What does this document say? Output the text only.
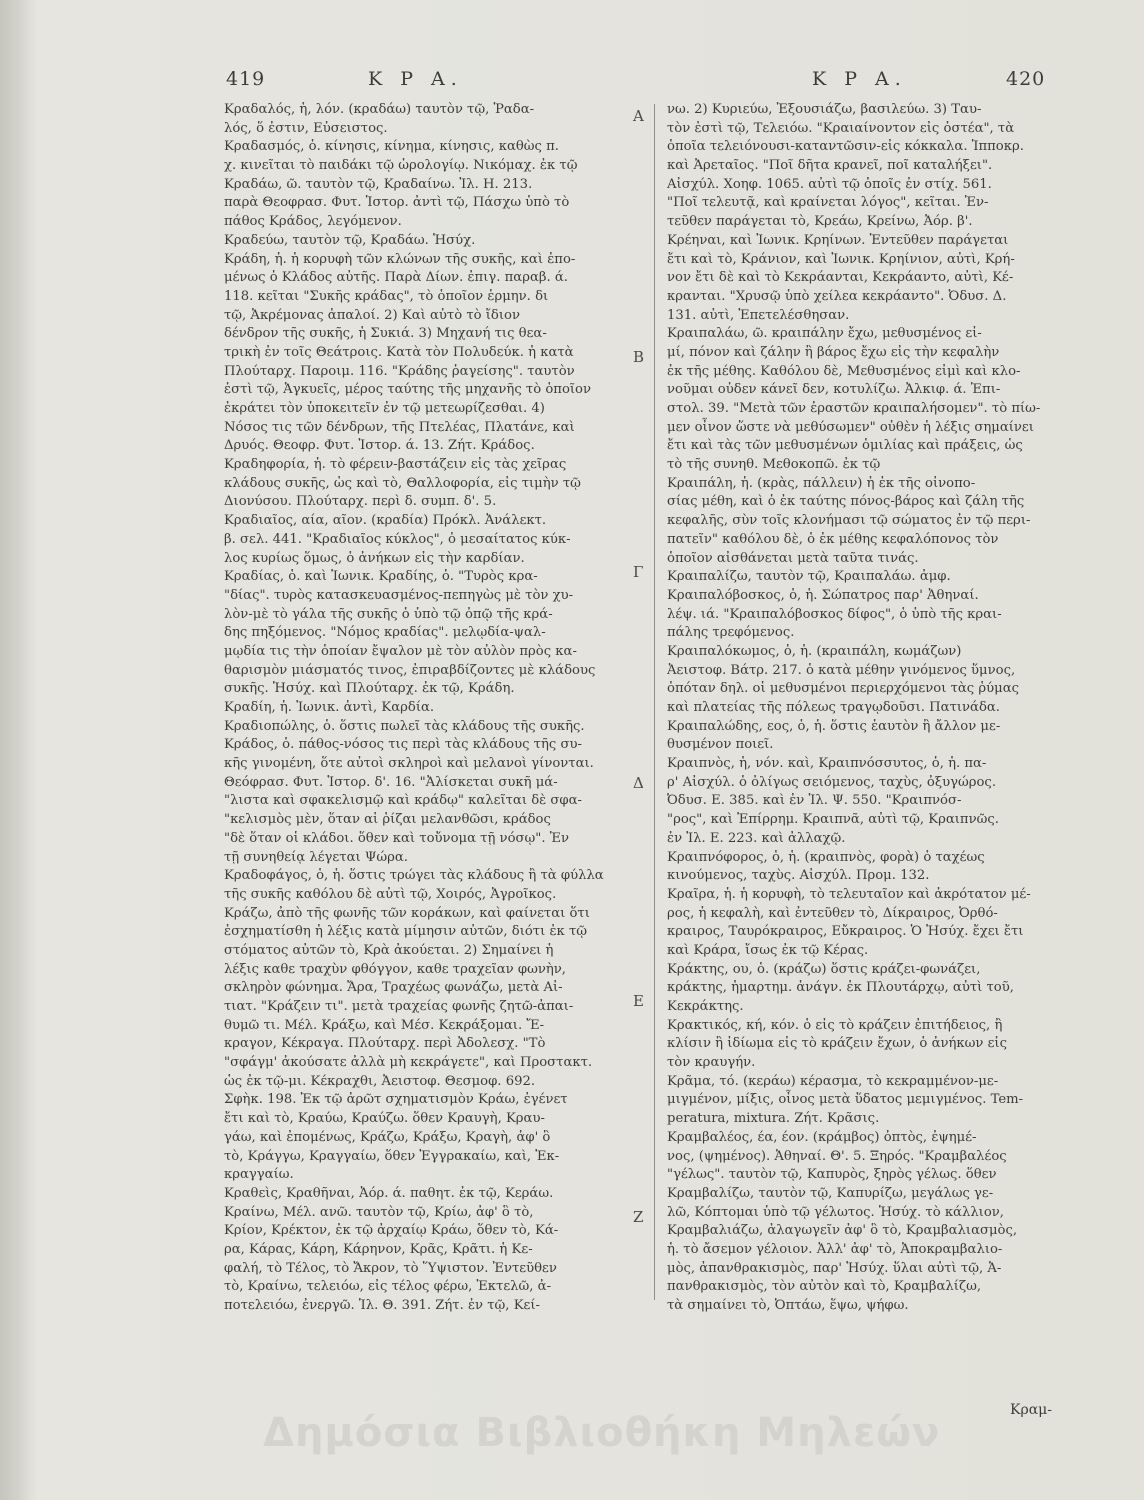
419	Κ Ρ Α.	Κ Ρ Α.	420
Κραδαλός, ἡ, λόν. (κραδάω) ταυτὸν τῷ, Ῥαδα-
λός, ὅ ἐστιν, Εὐσειστος.
Κραδασμός, ὁ. κίνησις, κίνημα, κίνησις, καθὼς π.
χ. κινεῖται τὸ παιδάκι τῷ ὡρολογίῳ. Νικόμαχ. ἐκ τῷ
Κραδάω, ῶ. ταυτὸν τῷ, Κραδαίνω. Ἰλ. Η. 213.
παρὰ Θεοφρασ. Φυτ. Ἱστορ. ἀντὶ τῷ, Πάσχω ὑπὸ τὸ
πάθος Κράδος, λεγόμενον.
Κραδεύω, ταυτὸν τῷ, Κραδάω. Ἡσύχ.
Κράδη, ἡ. ἡ κορυφὴ τῶν κλώνων τῆς συκῆς, καὶ ἐπο-
μένως ὁ Κλάδος αὐτῆς. Παρὰ Δίων. ἐπιγ. παραβ. ά.
118. κεῖται "Συκῆς κράδας", τὸ ὁποῖον ἑρμην. δι
τῷ, Ἀκρέμονας ἁπαλοί. 2) Καὶ αὐτὸ τὸ ἴδιον
δένδρον τῆς συκῆς, ἡ Συκιά. 3) Μηχανή τις θεα-
τρικὴ ἐν τοῖς Θεάτροις. Κατὰ τὸν Πολυδεύκ. ἡ κατὰ
Πλούταρχ. Παροιμ. 116. "Κράδης ῥαγείσης". ταυτὸν
ἐστὶ τῷ, Ἀγκυεῖς, μέρος ταύτης τῆς μηχανῆς τὸ ὁποῖον
ἐκράτει τὸν ὑποκειτεῖν ἐν τῷ μετεωρίζεσθαι. 4)
Νόσος τις τῶν δένδρων, τῆς Πτελέας, Πλατάνε, καὶ
Δρυός. Θεοφρ. Φυτ. Ἱστορ. ά. 13. Ζήτ. Κράδος.
Κραδηφορία, ἡ. τὸ φέρειν-βαστάζειν εἰς τὰς χεῖρας
κλάδους συκῆς, ὡς καὶ τὸ, Θαλλοφορία, εἰς τιμὴν τῷ
Διονύσου. Πλούταρχ. περὶ δ. συμπ. δ'. 5.
Κραδιαῖος, αία, αῖον. (κραδία) Πρόκλ. Ἀνάλεκτ.
β. σελ. 441. "Κραδιαῖος κύκλος", ὁ μεσαίτατος κύκ-
λος κυρίως ὅμως, ὁ ἀνήκων εἰς τὴν καρδίαν.
Κραδίας, ὁ. καὶ Ἰωνικ. Κραδίης, ὁ. "Τυρὸς κρα-
"δίας". τυρὸς κατασκευασμένος-πεπηγὼς μὲ τὸν χυ-
λὸν-μὲ τὸ γάλα τῆς συκῆς ὁ ὑπὸ τῷ ὀπῷ τῆς κρά-
δης πηξόμενος. "Νόμος κραδίας". μελῳδία-ψαλ-
μῳδία τις τὴν ὁποίαν ἔψαλον μὲ τὸν αὐλὸν πρὸς κα-
θαρισμὸν μιάσματός τινος, ἐπιραβδίζοντες μὲ κλάδους
συκῆς. Ἡσύχ. καὶ Πλούταρχ. ἐκ τῷ, Κράδη.
Κραδίη, ἡ. Ἰωνικ. ἀντὶ, Καρδία.
Κραδιοπώλης, ὁ. ὅστις πωλεῖ τὰς κλάδους τῆς συκῆς.
Κράδος, ὁ. πάθος-νόσος τις περὶ τὰς κλάδους τῆς συ-
κῆς γινομένη, ὅτε αὐτοὶ σκληροὶ καὶ μελανοὶ γίνονται.
Θεόφρασ. Φυτ. Ἱστορ. δ'. 16. "Ἀλίσκεται συκῆ μά-
"λιστα καὶ σφακελισμῷ καὶ κράδῳ" καλεῖται δὲ σφα-
"κελισμὸς μὲν, ὅταν αἱ ῥίζαι μελανθῶσι, κράδος
"δὲ ὅταν οἱ κλάδοι. ὅθεν καὶ τοὔνομα τῇ νόσῳ". Ἐν
τῇ συνηθείᾳ λέγεται Ψώρα.
Κραδοφάγος, ὁ, ἡ. ὅστις τρώγει τὰς κλάδους ἢ τὰ φύλλα
τῆς συκῆς καθόλου δὲ αὐτὶ τῷ, Χοιρός, Ἀγροῖκος.
Κράζω, ἀπὸ τῆς φωνῆς τῶν κοράκων, καὶ φαίνεται ὅτι
ἐσχηματίσθη ἡ λέξις κατὰ μίμησιν αὐτῶν, διότι ἐκ τῷ
στόματος αὐτῶν τὸ, Κρὰ ἀκούεται. 2) Σημαίνει ἡ
λέξις καθε τραχὺν φθόγγον, καθε τραχεῖαν φωνὴν,
σκληρὸν φώνημα. Ἄρα, Τραχέως φωνάζω, μετὰ Αἰ-
τιατ. "Κράζειν τι". μετὰ τραχείας φωνῆς ζητῶ-ἀπαι-
θυμῶ τι. Μέλ. Κράξω, καὶ Μέσ. Κεκράξομαι. Ἔ-
κραγον, Κέκραγα. Πλούταρχ. περὶ Ἀδολεσχ. "Τὸ
"σφάγμ' ἀκούσατε ἀλλὰ μὴ κεκράγετε", καὶ Προστακτ.
ὡς ἐκ τῷ-μι. Κέκραχθι, Ἀειστοφ. Θεσμοφ. 692.
Σφὴκ. 198. Ἐκ τῷ ἀρῶτ σχηματισμὸν Κράω, ἐγένετ
ἔτι καὶ τὸ, Κραύω, Κραύζω. ὅθεν Κραυγὴ, Κραυ-
γάω, καὶ ἐπομένως, Κράζω, Κράξω, Κραγὴ, ἀφ' ὃ
τὸ, Κράγγω, Κραγγαίω, ὅθεν Ἐγγρακαίω, καὶ, Ἐκ-
κραγγαίω.
Κραθεὶς, Κραθῆναι, Ἀόρ. ά. παθητ. ἐκ τῷ, Κεράω.
Κραίνω, Μέλ. ανῶ. ταυτὸν τῷ, Κρίω, ἀφ' ὃ τὸ,
Κρίον, Κρέκτον, ἐκ τῷ ἀρχαίῳ Κράω, ὅθεν τὸ, Κά-
ρα, Κάρας, Κάρη, Κάρηνον, Κρᾶς, Κρᾶτι. ἡ Κε-
φαλή, τὸ Τέλος, τὸ Ἄκρον, τὸ Ὕψιστον. Ἐντεῦθεν
τὸ, Κραίνω, τελειόω, εἰς τέλος φέρω, Ἐκτελῶ, ἀ-
ποτελειόω, ἐνεργῶ. Ἰλ. Θ. 391. Ζήτ. ἐν τῷ, Κεί-
νω. 2) Κυριεύω, Ἐξουσιάζω, βασιλεύω. 3) Ταυ-
τὸν ἐστὶ τῷ, Τελειόω. "Κραιαίνοντον εἰς ὀστέα", τὰ
ὁποῖα τελειόνουσι-καταντῶσιν-εἰς κόκκαλα. Ἱπποκρ.
καὶ Ἀρεταῖος. "Ποῖ δῆτα κρανεῖ, ποῖ καταλήξει".
Αἰσχύλ. Χοηφ. 1065. αὐτὶ τῷ ὁποῖς ἐν στίχ. 561.
"Ποῖ τελευτᾷ, καὶ κραίνεται λόγος", κεῖται. Ἐν-
τεῦθεν παράγεται τὸ, Κρεάω, Κρείνω, Ἀόρ. β'.
Κρέηναι, καὶ Ἰωνικ. Κρηίνων. Ἐντεῦθεν παράγεται
ἔτι καὶ τὸ, Κράνιον, καὶ Ἰωνικ. Κρηίνιον, αὐτὶ, Κρή-
νον ἔτι δὲ καὶ τὸ Κεκράανται, Κεκράαντο, αὐτὶ, Κέ-
κρανται. "Χρυσῷ ὑπὸ χείλεα κεκράαντο". Ὀδυσ. Δ.
131. αὐτὶ, Ἐπετελέσθησαν.
Κραιπαλάω, ῶ. κραιπάλην ἔχω, μεθυσμένος εἰ-
μί, πόνον καὶ ζάλην ἢ βάρος ἔχω εἰς τὴν κεφαλὴν
ἐκ τῆς μέθης. Καθόλου δὲ, Μεθυσμένος εἰμὶ καὶ κλο-
νοῦμαι οὐδεν κάνεῖ δεν, κοτυλίζω. Ἀλκιφ. ά. Ἐπι-
στολ. 39. "Μετὰ τῶν ἐραστῶν κραιπαλήσομεν". τὸ πίω-
μεν οἶνον ὥστε νὰ μεθύσωμεν" οὐθὲν ἡ λέξις σημαίνει
ἔτι καὶ τὰς τῶν μεθυσμένων ὁμιλίας καὶ πράξεις, ὡς
τὸ τῆς συνηθ. Μεθοκοπῶ. ἐκ τῷ
Κραιπάλη, ἡ. (κρὰς, πάλλειν) ἡ ἐκ τῆς οἰνοπο-
σίας μέθη, καὶ ὁ ἐκ ταύτης πόνος-βάρος καὶ ζάλη τῆς
κεφαλῆς, σὺν τοῖς κλονήμασι τῷ σώματος ἐν τῷ περι-
πατεῖν" καθόλου δὲ, ὁ ἐκ μέθης κεφαλόπονος τὸν
ὁποῖον αἰσθάνεται μετὰ ταῦτα τινάς.
Κραιπαλίζω, ταυτὸν τῷ, Κραιπαλάω. ἀμφ.
Κραιπαλόβοσκος, ὁ, ἡ. Σώπατρος παρ' Ἀθηναί.
λέψ. ιά. "Κραιπαλόβοσκος δίφος", ὁ ὑπὸ τῆς κραι-
πάλης τρεφόμενος.
Κραιπαλόκωμος, ὁ, ἡ. (κραιπάλη, κωμάζων)
Ἀειστοφ. Βάτρ. 217. ὁ κατὰ μέθην γινόμενος ὕμνος,
ὁπόταν δηλ. οἱ μεθυσμένοι περιερχόμενοι τὰς ῥύμας
καὶ πλατείας τῆς πόλεως τραγῳδοῦσι. Πατινάδα.
Κραιπαλώδης, εος, ὁ, ἡ. ὅστις ἑαυτὸν ἢ ἄλλον με-
θυσμένον ποιεῖ.
Κραιπνὸς, ἡ, νόν. καὶ, Κραιπνόσσυτος, ὁ, ἡ. πα-
ρ' Αἰσχύλ. ὁ ὀλίγως σειόμενος, ταχὺς, ὀξυγώρος.
Ὀδυσ. Ε. 385. καὶ ἐν Ἰλ. Ψ. 550. "Κραιπνόσ-
"ρος", καὶ Ἐπίρρημ. Κραιπνᾶ, αὐτὶ τῷ, Κραιπνῶς.
ἐν Ἰλ. Ε. 223. καὶ ἀλλαχῷ.
Κραιπνόφορος, ὁ, ἡ. (κραιπνὸς, φορὰ) ὁ ταχέως
κινούμενος, ταχὺς. Αἰσχύλ. Προμ. 132.
Κραῖρα, ἡ. ἡ κορυφὴ, τὸ τελευταῖον καὶ ἀκρότατον μέ-
ρος, ἡ κεφαλὴ, καὶ ἐντεῦθεν τὸ, Δίκραιρος, Ὀρθό-
κραιρος, Ταυρόκραιρος, Εὔκραιρος. Ὁ Ἡσύχ. ἔχει ἔτι
καὶ Κράρα, ἴσως ἐκ τῷ Κέρας.
Κράκτης, ου, ὁ. (κράζω) ὅστις κράζει-φωνάζει,
κράκτης, ἡμαρτημ. ἀνάγν. ἐκ Πλουτάρχῳ, αὐτὶ τοῦ,
Κεκράκτης.
Κρακτικός, κή, κόν. ὁ εἰς τὸ κράζειν ἐπιτήδειος, ἢ
κλίσιν ἢ ἰδίωμα εἰς τὸ κράζειν ἔχων, ὁ ἀνήκων εἰς
τὸν κραυγήν.
Κρᾶμα, τό. (κεράω) κέρασμα, τὸ κεκραμμένον-με-
μιγμένον, μίξις, οἶνος μετὰ ὕδατος μεμιγμένος. Tem-
peratura, mixtura. Ζήτ. Κρᾶσις.
Κραμβαλέος, έα, έον. (κράμβος) ὀπτὸς, ἐψημέ-
νος, (ψημένος). Ἀθηναί. Θ'. 5. Ξηρός. "Κραμβαλέος
"γέλως". ταυτὸν τῷ, Καπυρὸς, ξηρὸς γέλως. ὅθεν
Κραμβαλίζω, ταυτὸν τῷ, Καπυρίζω, μεγάλως γε-
λῶ, Κόπτομαι ὑπὸ τῷ γέλωτος. Ἡσύχ. τὸ κάλλιον,
Κραμβαλιάζω, ἀλαγωγεῖν ἀφ' ὃ τὸ, Κραμβαλιασμὸς,
ἡ. τὸ ἄσεμον γέλοιον. Ἀλλ' ἀφ' τὸ, Ἀποκραμβαλιο-
μὸς, ἀπανθρακισμὸς, παρ' Ἡσύχ. ὕλαι αὐτὶ τῷ, Ἀ-
πανθρακισμὸς, τὸν αὐτὸν καὶ τὸ, Κραμβαλίζω,
τὰ σημαίνει τὸ, Ὀπτάω, ἕψω, ψήφω.
Α
Β
Γ
Δ
Ε
Ζ
Κραμ-
Δημόσια Βιβλιοθήκη Μηλεών
